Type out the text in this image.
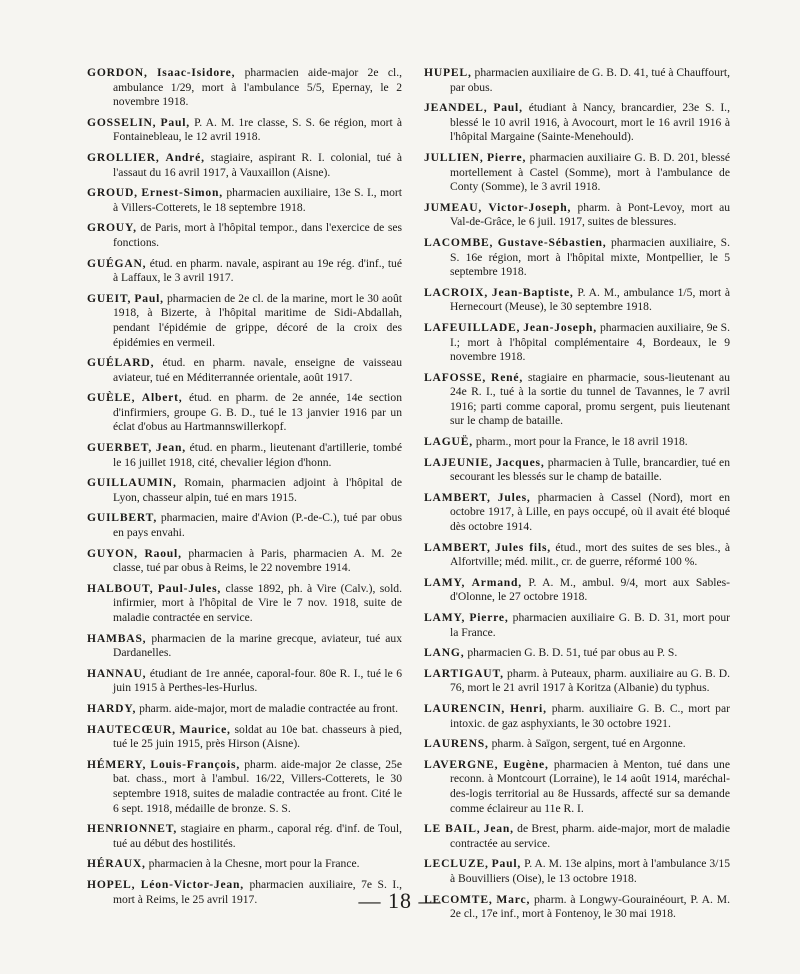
GORDON, Isaac-Isidore, pharmacien aide-major 2e cl., ambulance 1/29, mort à l'ambulance 5/5, Epernay, le 2 novembre 1918.

GOSSELIN, Paul, P. A. M. 1re classe, S. S. 6e région, mort à Fontainebleau, le 12 avril 1918.

GROLLIER, André, stagiaire, aspirant R. I. colonial, tué à l'assaut du 16 avril 1917, à Vauxaillon (Aisne).

GROUD, Ernest-Simon, pharmacien auxiliaire, 13e S. I., mort à Villers-Cotterets, le 18 septembre 1918.

GROUY, de Paris, mort à l'hôpital tempor., dans l'exercice de ses fonctions.

GUÉGAN, étud. en pharm. navale, aspirant au 19e rég. d'inf., tué à Laffaux, le 3 avril 1917.

GUEIT, Paul, pharmacien de 2e cl. de la marine, mort le 30 août 1918, à Bizerte, à l'hôpital maritime de Sidi-Abdallah, pendant l'épidémie de grippe, décoré de la croix des épidémies en vermeil.

GUÉLARD, étud. en pharm. navale, enseigne de vaisseau aviateur, tué en Méditerrannée orientale, août 1917.

GUÈLE, Albert, étud. en pharm. de 2e année, 14e section d'infirmiers, groupe G. B. D., tué le 13 janvier 1916 par un éclat d'obus au Hartmannswillerkopf.

GUERBET, Jean, étud. en pharm., lieutenant d'artillerie, tombé le 16 juillet 1918, cité, chevalier légion d'honn.

GUILLAUMIN, Romain, pharmacien adjoint à l'hôpital de Lyon, chasseur alpin, tué en mars 1915.

GUILBERT, pharmacien, maire d'Avion (P.-de-C.), tué par obus en pays envahi.

GUYON, Raoul, pharmacien à Paris, pharmacien A. M. 2e classe, tué par obus à Reims, le 22 novembre 1914.

HALBOUT, Paul-Jules, classe 1892, ph. à Vire (Calv.), sold. infirmier, mort à l'hôpital de Vire le 7 nov. 1918, suite de maladie contractée en service.

HAMBAS, pharmacien de la marine grecque, aviateur, tué aux Dardanelles.

HANNAU, étudiant de 1re année, caporal-four. 80e R. I., tué le 6 juin 1915 à Perthes-les-Hurlus.

HARDY, pharm. aide-major, mort de maladie contractée au front.

HAUTECŒUR, Maurice, soldat au 10e bat. chasseurs à pied, tué le 25 juin 1915, près Hirson (Aisne).

HÉMERY, Louis-François, pharm. aide-major 2e classe, 25e bat. chass., mort à l'ambul. 16/22, Villers-Cotterets, le 30 septembre 1918, suites de maladie contractée au front. Cité le 6 sept. 1918, médaille de bronze. S. S.

HENRIONNET, stagiaire en pharm., caporal rég. d'inf. de Toul, tué au début des hostilités.

HÉRAUX, pharmacien à la Chesne, mort pour la France.

HOPEL, Léon-Victor-Jean, pharmacien auxiliaire, 7e S. I., mort à Reims, le 25 avril 1917.

HUPEL, pharmacien auxiliaire de G. B. D. 41, tué à Chauffourt, par obus.

JEANDEL, Paul, étudiant à Nancy, brancardier, 23e S. I., blessé le 10 avril 1916, à Avocourt, mort le 16 avril 1916 à l'hôpital Margaine (Sainte-Menehould).

JULLIEN, Pierre, pharmacien auxiliaire G. B. D. 201, blessé mortellement à Castel (Somme), mort à l'ambulance de Conty (Somme), le 3 avril 1918.

JUMEAU, Victor-Joseph, pharm. à Pont-Levoy, mort au Val-de-Grâce, le 6 juil. 1917, suites de blessures.

LACOMBE, Gustave-Sébastien, pharmacien auxiliaire, S. S. 16e région, mort à l'hôpital mixte, Montpellier, le 5 septembre 1918.

LACROIX, Jean-Baptiste, P. A. M., ambulance 1/5, mort à Hernecourt (Meuse), le 30 septembre 1918.

LAFEUILLADE, Jean-Joseph, pharmacien auxiliaire, 9e S. I.; mort à l'hôpital complémentaire 4, Bordeaux, le 9 novembre 1918.

LAFOSSE, René, stagiaire en pharmacie, sous-lieutenant au 24e R. I., tué à la sortie du tunnel de Tavannes, le 7 avril 1916; parti comme caporal, promu sergent, puis lieutenant sur le champ de bataille.

LAGUË, pharm., mort pour la France, le 18 avril 1918.

LAJEUNIE, Jacques, pharmacien à Tulle, brancardier, tué en secourant les blessés sur le champ de bataille.

LAMBERT, Jules, pharmacien à Cassel (Nord), mort en octobre 1917, à Lille, en pays occupé, où il avait été bloqué dès octobre 1914.

LAMBERT, Jules fils, étud., mort des suites de ses bles., à Alfortville; méd. milit., cr. de guerre, réformé 100 %.

LAMY, Armand, P. A. M., ambul. 9/4, mort aux Sables-d'Olonne, le 27 octobre 1918.

LAMY, Pierre, pharmacien auxiliaire G. B. D. 31, mort pour la France.

LANG, pharmacien G. B. D. 51, tué par obus au P. S.

LARTIGAUT, pharm. à Puteaux, pharm. auxiliaire au G. B. D. 76, mort le 21 avril 1917 à Koritza (Albanie) du typhus.

LAURENCIN, Henri, pharm. auxiliaire G. B. C., mort par intoxic. de gaz asphyxiants, le 30 octobre 1921.

LAURENS, pharm. à Saïgon, sergent, tué en Argonne.

LAVERGNE, Eugène, pharmacien à Menton, tué dans une reconn. à Montcourt (Lorraine), le 14 août 1914, maréchal-des-logis territorial au 8e Hussards, affecté sur sa demande comme éclaireur au 11e R. I.

LE BAIL, Jean, de Brest, pharm. aide-major, mort de maladie contractée au service.

LECLUZE, Paul, P. A. M. 13e alpins, mort à l'ambulance 3/15 à Bouvilliers (Oise), le 13 octobre 1918.

LECOMTE, Marc, pharm. à Longwy-Gourainéourt, P. A. M. 2e cl., 17e inf., mort à Fontenoy, le 30 mai 1918.

— 18 —
